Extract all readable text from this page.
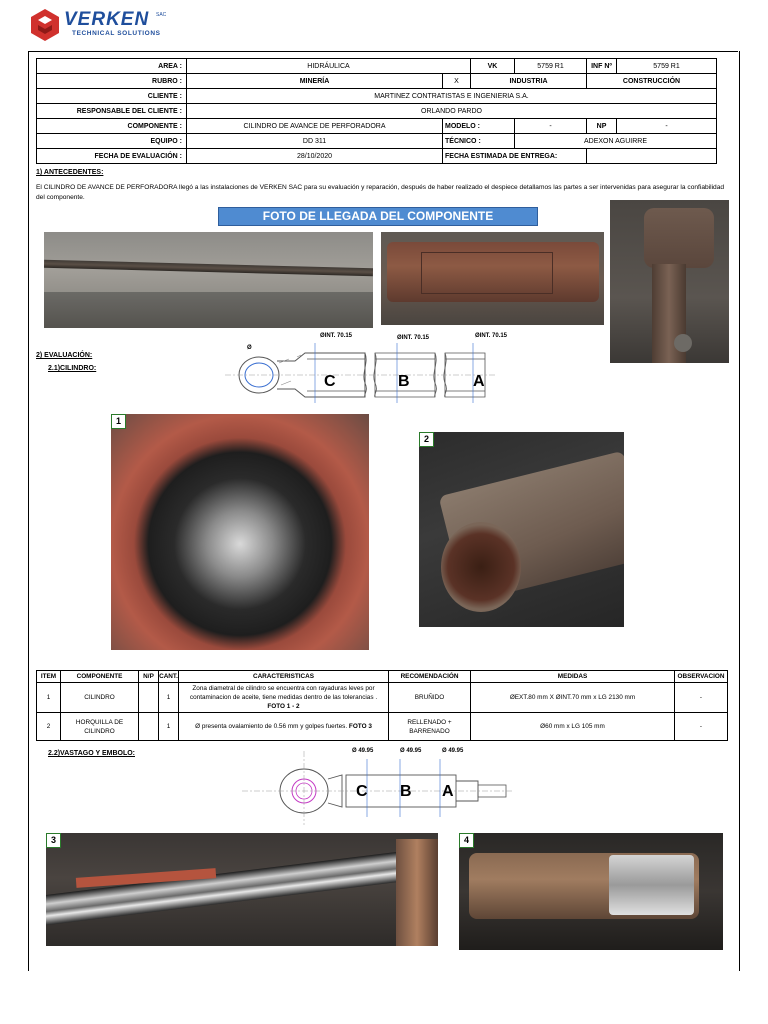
VERKEN SAC
TECHNICAL SOLUTIONS
AREA :	HIDRÁULICA		VK	5759 R1	INF Nº	5759 R1
RUBRO :	MINERÍA	X	INDUSTRIA		CONSTRUCCIÓN	
CLIENTE :	MARTINEZ CONTRATISTAS E INGENIERIA S.A.					
RESPONSABLE DEL CLIENTE :	ORLANDO PARDO					
COMPONENTE :	CILINDRO DE AVANCE DE PERFORADORA	MODELO :		-	NP	-
EQUIPO :	DD 311	TÉCNICO :		ADEXON AGUIRRE		
FECHA DE EVALUACIÓN :	28/10/2020	FECHA ESTIMADA DE ENTREGA:				
1) ANTECEDENTES:
El CILINDRO DE AVANCE DE PERFORADORA llegó a las instalaciones de VERKEN SAC para su evaluación y reparación, después de haber realizado el despiece detallamos las partes a ser intervenidas para asegurar la confiabilidad del componente.
FOTO DE LLEGADA DEL COMPONENTE
2) EVALUACIÓN:
2.1)CILINDRO:
ØINT. 70.15	ØINT. 70.15	ØINT. 70.15
Ø
C	B	A
1
2
ITEM	COMPONENTE	N/P	CANT.	CARACTERISTICAS	RECOMENDACIÓN	MEDIDAS	OBSERVACION
1	CILINDRO		1	Zona diametral de cilindro se encuentra con rayaduras leves por contaminacion de aceite, tiene medidas dentro de las tolerancias . FOTO 1 - 2	BRUÑIDO	ØEXT.80 mm X ØINT.70 mm x LG 2130 mm	-
2	HORQUILLA DE CILINDRO		1	Ø presenta ovalamiento de 0.56 mm y golpes fuertes. FOTO 3	RELLENADO + BARRENADO	Ø60 mm x LG 105 mm	-
2.2)VASTAGO Y EMBOLO:	Ø 49.95	Ø 49.95	Ø 49.95
C B A
3	4
